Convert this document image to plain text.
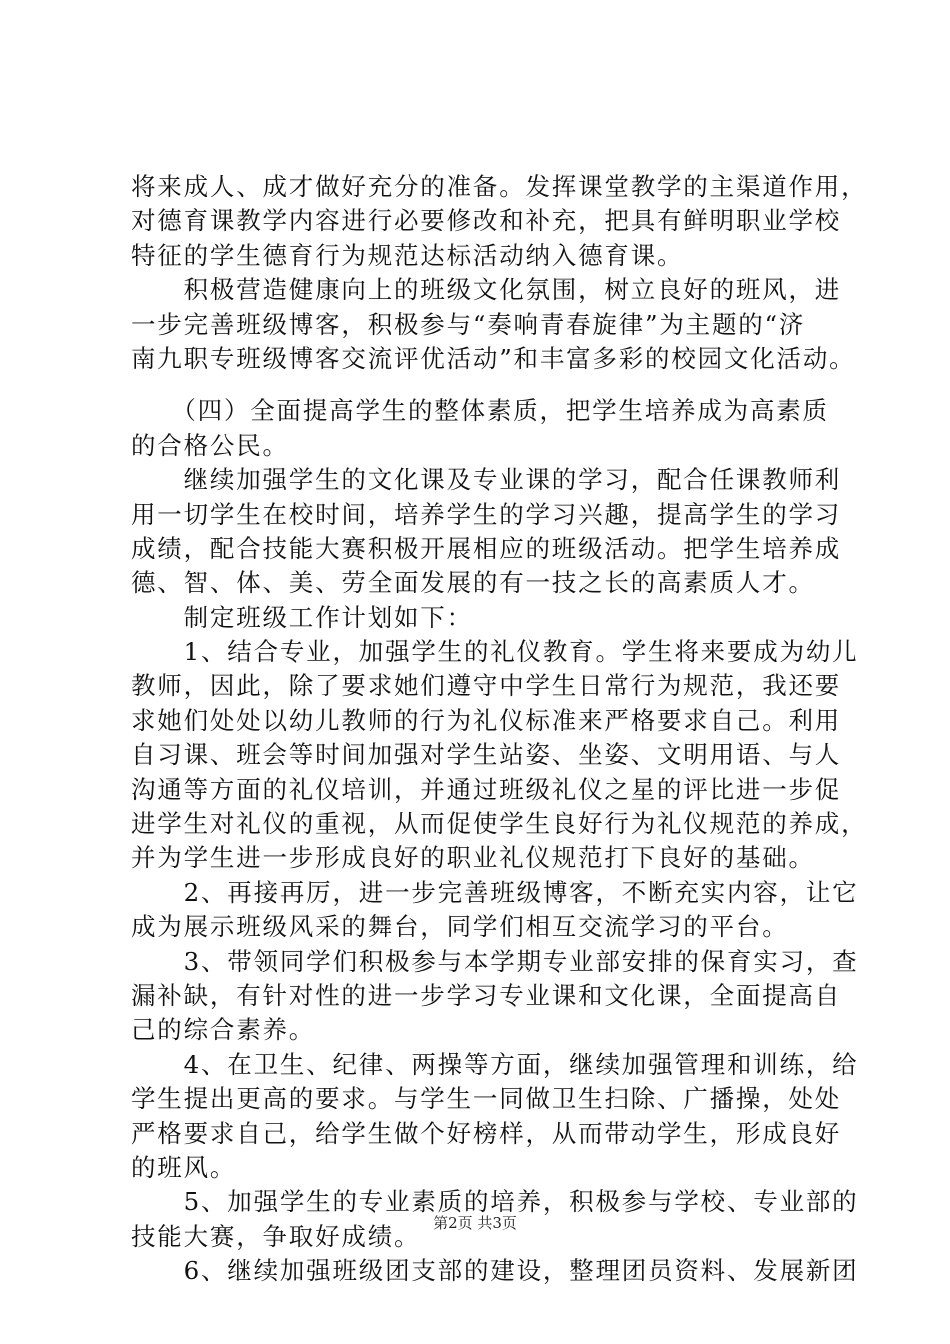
将来成人、成才做好充分的准备。发挥课堂教学的主渠道作用，
对德育课教学内容进行必要修改和补充，把具有鲜明职业学校
特征的学生德育行为规范达标活动纳入德育课。
　　积极营造健康向上的班级文化氛围，树立良好的班风，进
一步完善班级博客，积极参与“奏响青春旋律”为主题的“济
南九职专班级博客交流评优活动”和丰富多彩的校园文化活动。
　　（四）全面提高学生的整体素质，把学生培养成为高素质
的合格公民。
　　继续加强学生的文化课及专业课的学习，配合任课教师利
用一切学生在校时间，培养学生的学习兴趣，提高学生的学习
成绩，配合技能大赛积极开展相应的班级活动。把学生培养成
德、智、体、美、劳全面发展的有一技之长的高素质人才。
　　制定班级工作计划如下：
　　1、结合专业，加强学生的礼仪教育。学生将来要成为幼儿
教师，因此，除了要求她们遵守中学生日常行为规范，我还要
求她们处处以幼儿教师的行为礼仪标准来严格要求自己。利用
自习课、班会等时间加强对学生站姿、坐姿、文明用语、与人
沟通等方面的礼仪培训，并通过班级礼仪之星的评比进一步促
进学生对礼仪的重视，从而促使学生良好行为礼仪规范的养成，
并为学生进一步形成良好的职业礼仪规范打下良好的基础。
　　2、再接再厉，进一步完善班级博客，不断充实内容，让它
成为展示班级风采的舞台，同学们相互交流学习的平台。
　　3、带领同学们积极参与本学期专业部安排的保育实习，查
漏补缺，有针对性的进一步学习专业课和文化课，全面提高自
己的综合素养。
　　4、在卫生、纪律、两操等方面，继续加强管理和训练，给
学生提出更高的要求。与学生一同做卫生扫除、广播操，处处
严格要求自己，给学生做个好榜样，从而带动学生，形成良好
的班风。
　　5、加强学生的专业素质的培养，积极参与学校、专业部的
技能大赛，争取好成绩。
　　6、继续加强班级团支部的建设，整理团员资料、发展新团
第2页 共3页
